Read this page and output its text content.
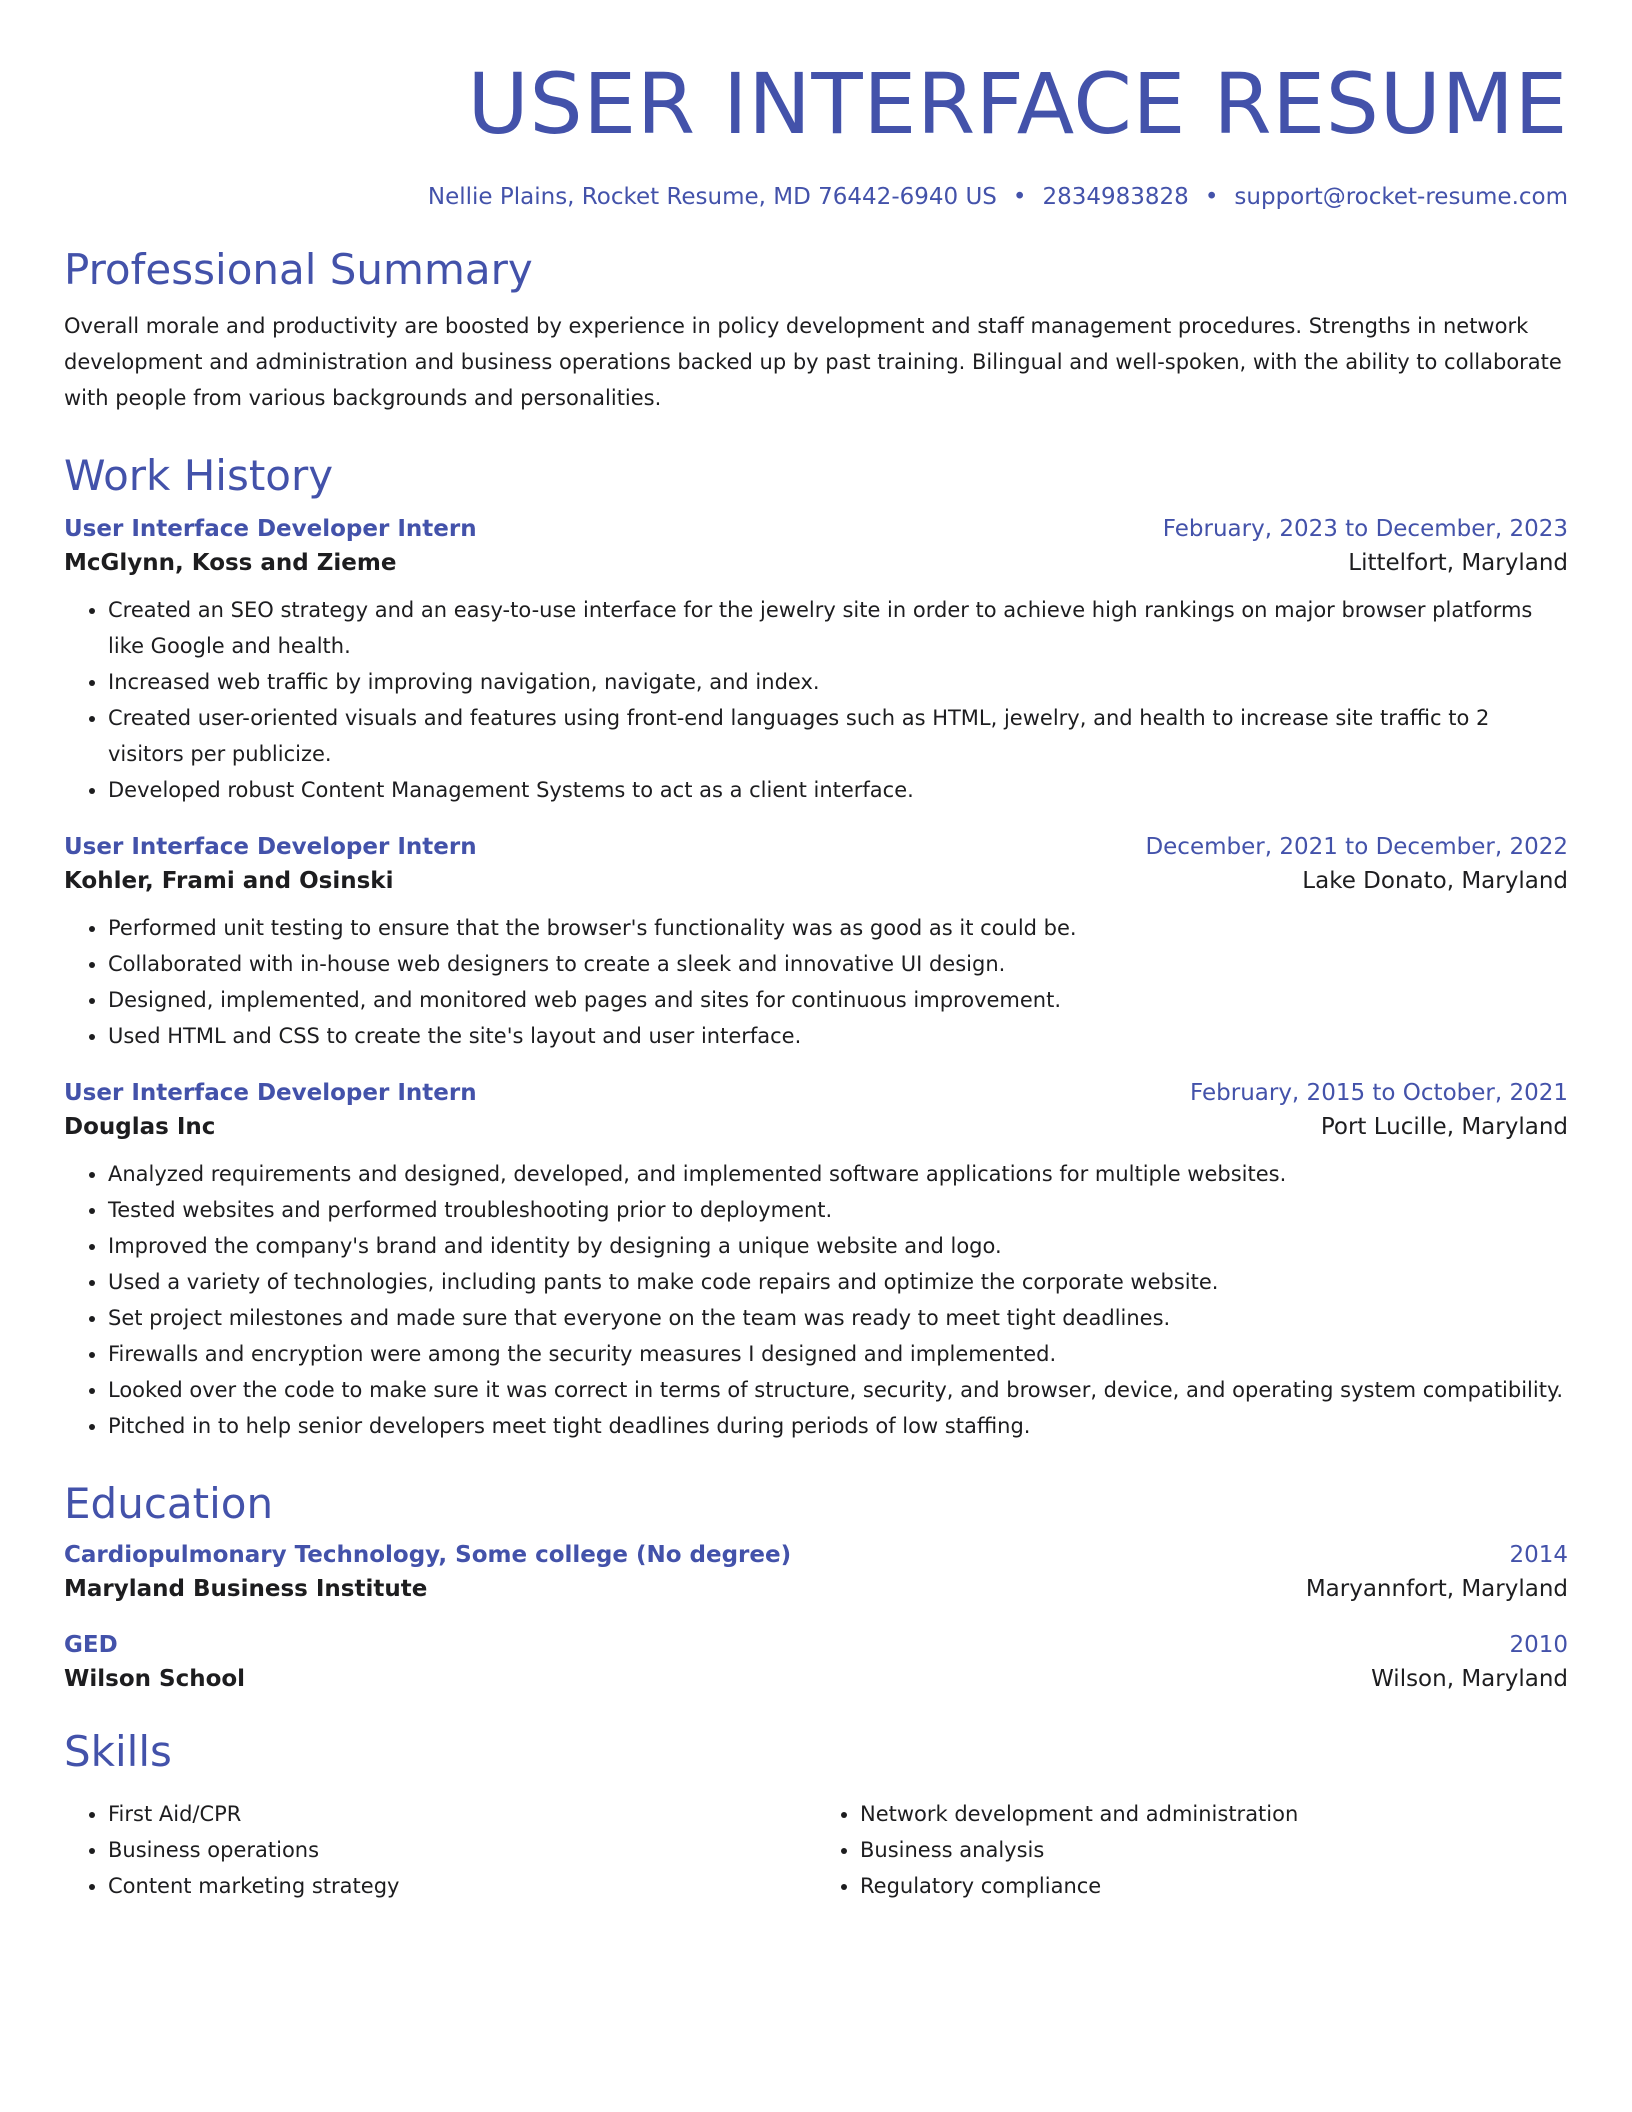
USER INTERFACE RESUME
Nellie Plains, Rocket Resume, MD 76442-6940 US • 2834983828 • support@rocket-resume.com
Professional Summary

Overall morale and productivity are boosted by experience in policy development and staff management procedures. Strengths in network development and administration and business operations backed up by past training. Bilingual and well-spoken, with the ability to collaborate with people from various backgrounds and personalities.

Work History
User Interface Developer Intern	February, 2023 to December, 2023
McGlynn, Koss and Zieme	Littelfort, Maryland
• Created an SEO strategy and an easy-to-use interface for the jewelry site in order to achieve high rankings on major browser platforms like Google and health.
• Increased web traffic by improving navigation, navigate, and index.
• Created user-oriented visuals and features using front-end languages such as HTML, jewelry, and health to increase site traffic to 2 visitors per publicize.
• Developed robust Content Management Systems to act as a client interface.
User Interface Developer Intern	December, 2021 to December, 2022
Kohler, Frami and Osinski	Lake Donato, Maryland
• Performed unit testing to ensure that the browser's functionality was as good as it could be.
• Collaborated with in-house web designers to create a sleek and innovative UI design.
• Designed, implemented, and monitored web pages and sites for continuous improvement.
• Used HTML and CSS to create the site's layout and user interface.
User Interface Developer Intern	February, 2015 to October, 2021
Douglas Inc	Port Lucille, Maryland
• Analyzed requirements and designed, developed, and implemented software applications for multiple websites.
• Tested websites and performed troubleshooting prior to deployment.
• Improved the company's brand and identity by designing a unique website and logo.
• Used a variety of technologies, including pants to make code repairs and optimize the corporate website.
• Set project milestones and made sure that everyone on the team was ready to meet tight deadlines.
• Firewalls and encryption were among the security measures I designed and implemented.
• Looked over the code to make sure it was correct in terms of structure, security, and browser, device, and operating system compatibility.
• Pitched in to help senior developers meet tight deadlines during periods of low staffing.
Education
Cardiopulmonary Technology, Some college (No degree)	2014
Maryland Business Institute	Maryannfort, Maryland
GED	2010
Wilson School	Wilson, Maryland
Skills
• First Aid/CPR
• Business operations
• Content marketing strategy
• Network development and administration
• Business analysis
• Regulatory compliance
